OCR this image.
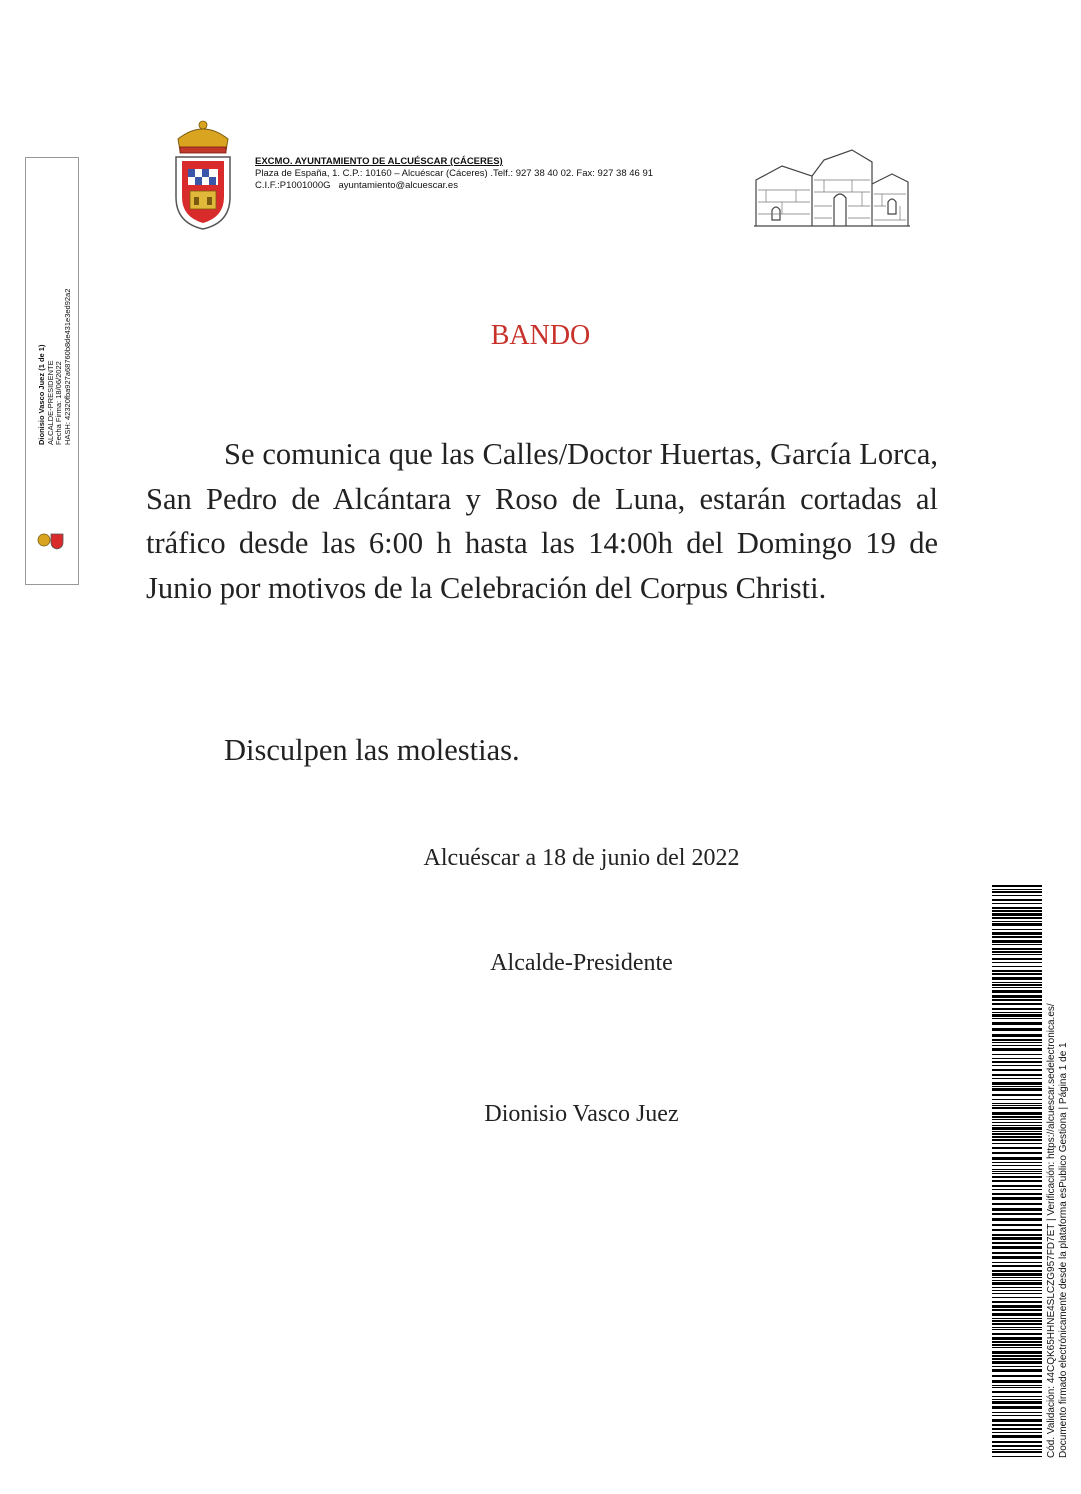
EXCMO. AYUNTAMIENTO DE ALCUÉSCAR (CÁCERES)
Plaza de España, 1. C.P.: 10160 – Alcuéscar (Cáceres) .Telf.: 927 38 40 02. Fax: 927 38 46 91
C.I.F.:P1001000G ayuntamiento@alcuescar.es
Dionisio Vasco Juez (1 de 1) ALCALDE-PRESIDENTE Fecha Firma: 18/06/2022 HASH: 42320fba927a68760b8de431e3ed92a2	BANDO
Se comunica que las Calles/Doctor Huertas, García Lorca, San Pedro de Alcántara y Roso de Luna, estarán cortadas al tráfico desde las 6:00 h hasta las 14:00h del Domingo 19 de Junio por motivos de la Celebración del Corpus Christi.
Disculpen las molestias.
Alcuéscar a 18 de junio del 2022
Alcalde-Presidente
Dionisio Vasco Juez	Cód. Validación: 44CQK65HHNE4SLCZG957FD7ET | Verificación: https://alcuescar.sedelectronica.es/ Documento firmado electrónicamente desde la plataforma esPublico Gestiona | Página 1 de 1
